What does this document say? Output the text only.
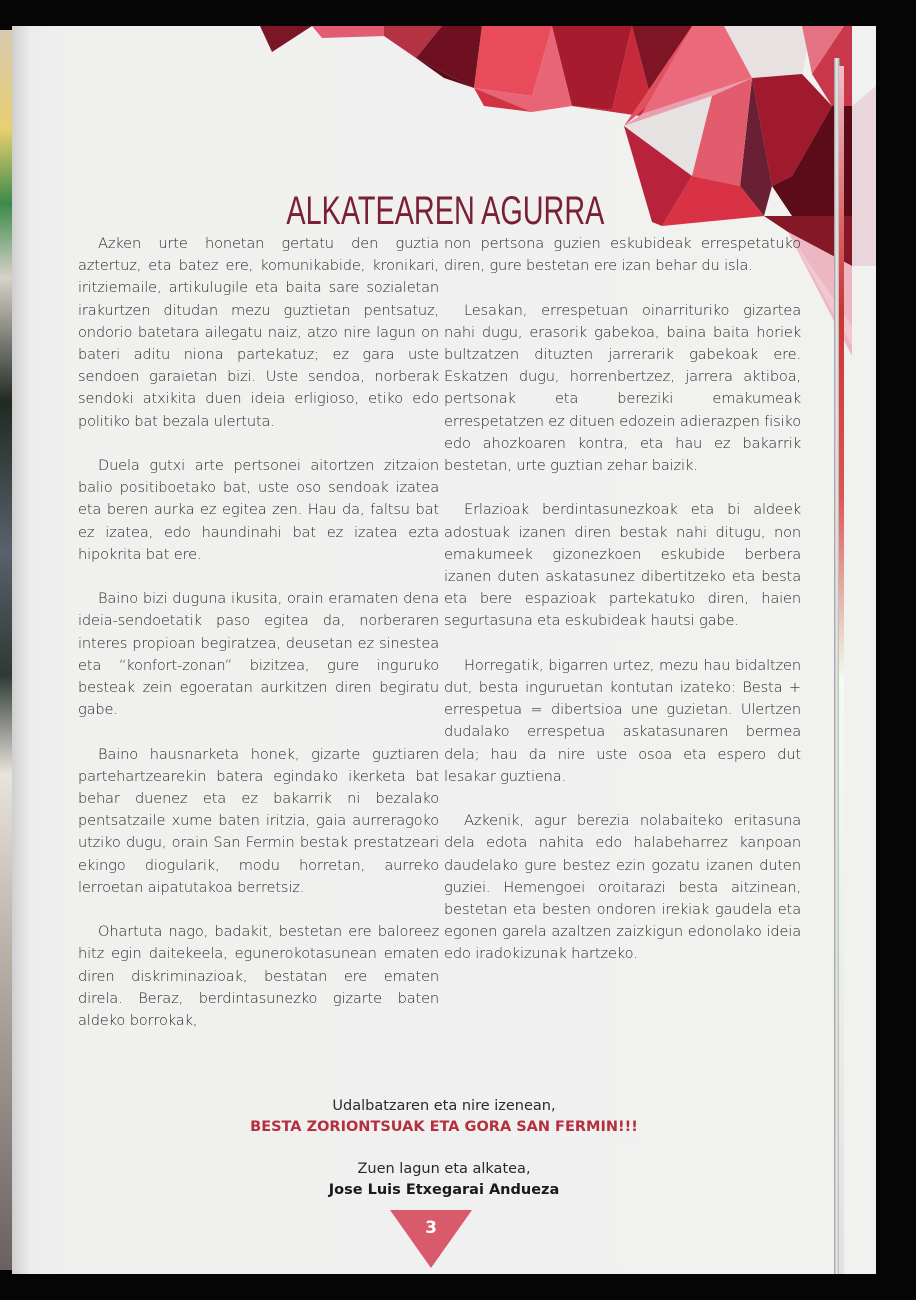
ALKATEAREN AGURRA

Azken urte honetan gertatu den guztia aztertuz, eta batez ere, komunikabide, kronikari, iritziemaile, artikulugile eta baita sare sozialetan irakurtzen ditudan mezu guztietan pentsatuz, ondorio batetara ailegatu naiz, atzo nire lagun on bateri aditu niona partekatuz; ez gara uste sendoen garaietan bizi. Uste sendoa, norberak sendoki atxikita duen ideia erligioso, etiko edo politiko bat bezala ulertuta.

Duela gutxi arte pertsonei aitortzen zitzaion balio positiboetako bat, uste oso sendoak izatea eta beren aurka ez egitea zen. Hau da, faltsu bat ez izatea, edo haundinahi bat ez izatea ezta hipokrita bat ere.

Baino bizi duguna ikusita, orain eramaten dena ideia-sendoetatik paso egitea da, norberaren interes propioan begiratzea, deusetan ez sinestea eta “konfort-zonan” bizitzea, gure inguruko besteak zein egoeratan aurkitzen diren begiratu gabe.

Baino hausnarketa honek, gizarte guztiaren partehartzearekin batera egindako ikerketa bat behar duenez eta ez bakarrik ni bezalako pentsatzaile xume baten iritzia, gaia aurreragoko utziko dugu, orain San Fermin bestak prestatzeari ekingo diogularik, modu horretan, aurreko lerroetan aipatutakoa berretsiz.

Ohartuta nago, badakit, bestetan ere baloreez hitz egin daitekeela, egunerokotasunean ematen diren diskriminazioak, bestatan ere ematen direla. Beraz, berdintasunezko gizarte baten aldeko borrokak,

non pertsona guzien eskubideak errespetatuko diren, gure bestetan ere izan behar du isla.

Lesakan, errespetuan oinarrituriko gizartea nahi dugu, erasorik gabekoa, baina baita horiek bultzatzen dituzten jarrerarik gabekoak ere. Eskatzen dugu, horrenbertzez, jarrera aktiboa, pertsonak eta bereziki emakumeak errespetatzen ez dituen edozein adierazpen fisiko edo ahozkoaren kontra, eta hau ez bakarrik bestetan, urte guztian zehar baizik.

Erlazioak berdintasunezkoak eta bi aldeek adostuak izanen diren bestak nahi ditugu, non emakumeek gizonezkoen eskubide berbera izanen duten askatasunez dibertitzeko eta besta eta bere espazioak partekatuko diren, haien segurtasuna eta eskubideak hautsi gabe.

Horregatik, bigarren urtez, mezu hau bidaltzen dut, besta inguruetan kontutan izateko: Besta + errespetua = dibertsioa une guzietan. Ulertzen dudalako errespetua askatasunaren bermea dela; hau da nire uste osoa eta espero dut lesakar guztiena.

Azkenik, agur berezia nolabaiteko eritasuna dela edota nahita edo halabeharrez kanpoan daudelako gure bestez ezin gozatu izanen duten guziei. Hemengoei oroitarazi besta aitzinean, bestetan eta besten ondoren irekiak gaudela eta egonen garela azaltzen zaizkigun edonolako ideia edo iradokizunak hartzeko.

Udalbatzaren eta nire izenean,
BESTA ZORIONTSUAK ETA GORA SAN FERMIN!!!
Zuen lagun eta alkatea,
Jose Luis Etxegarai Andueza
3
